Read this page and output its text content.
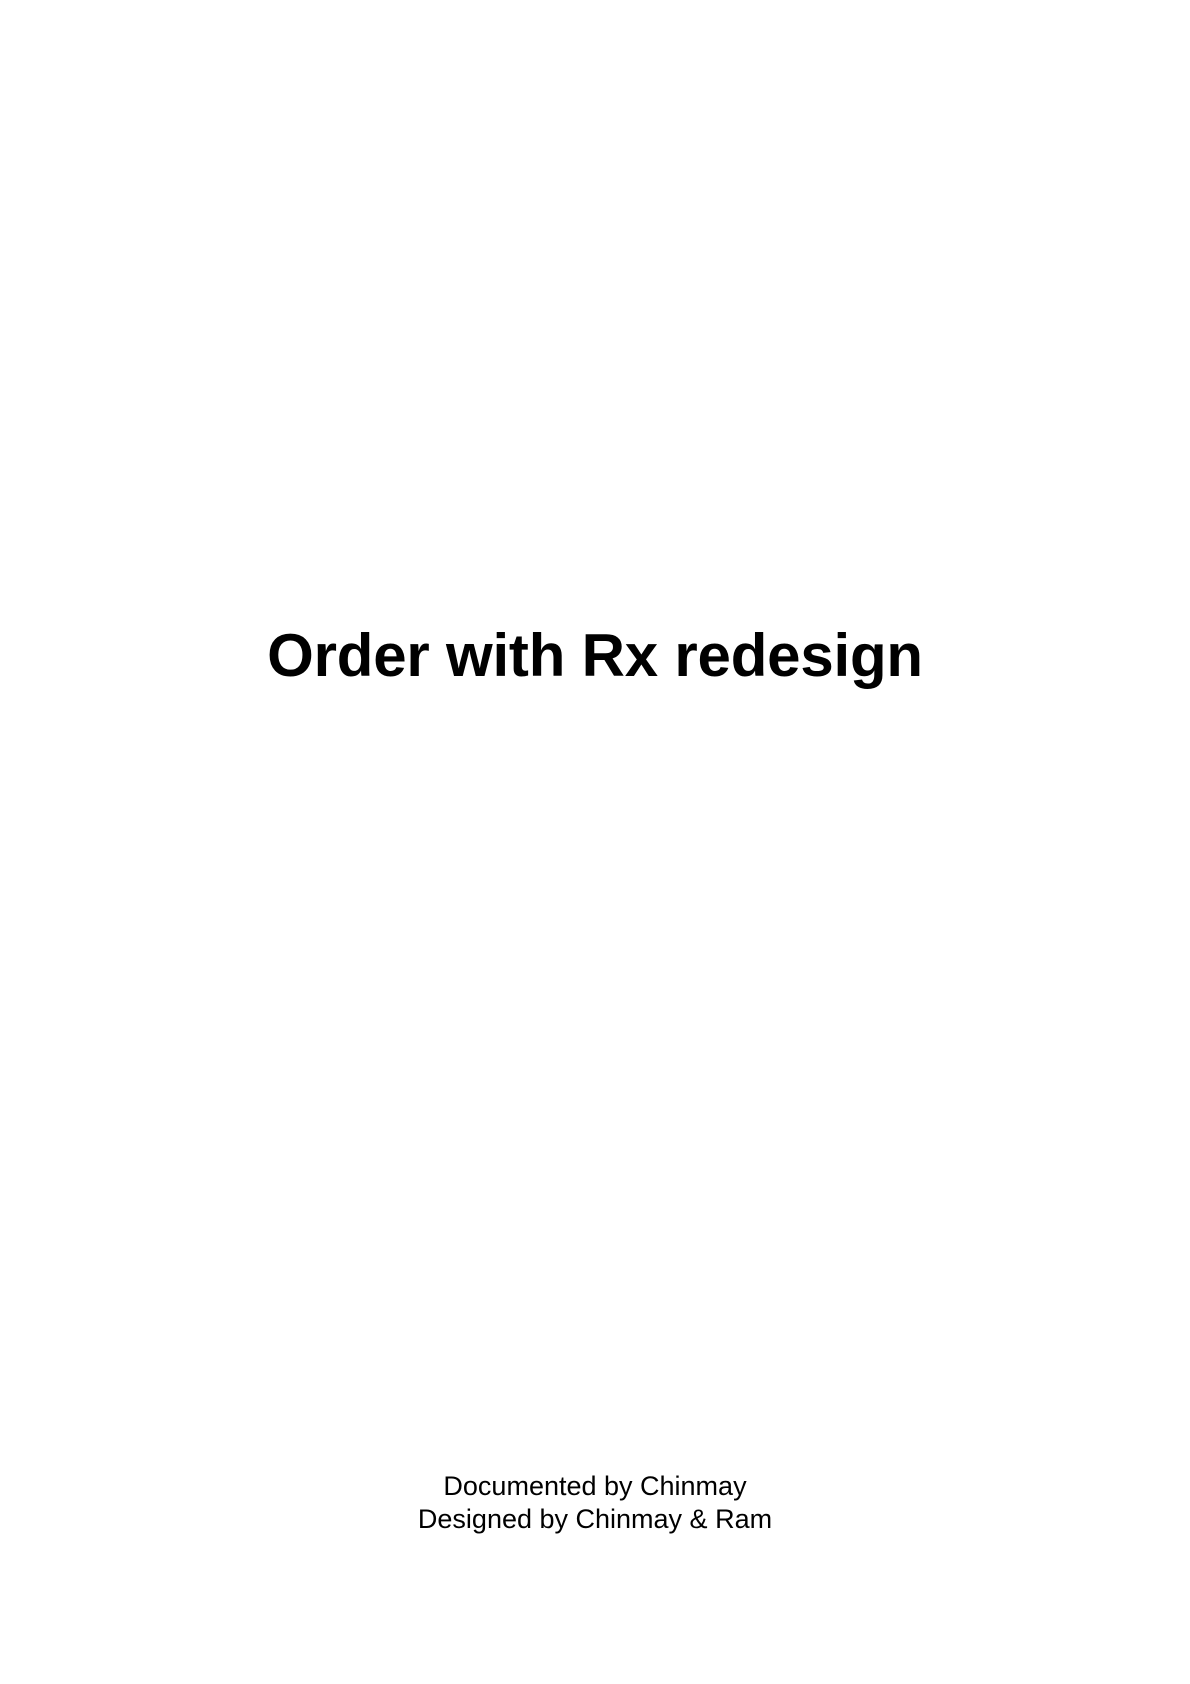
Order with Rx redesign
Documented by Chinmay
Designed by Chinmay & Ram
